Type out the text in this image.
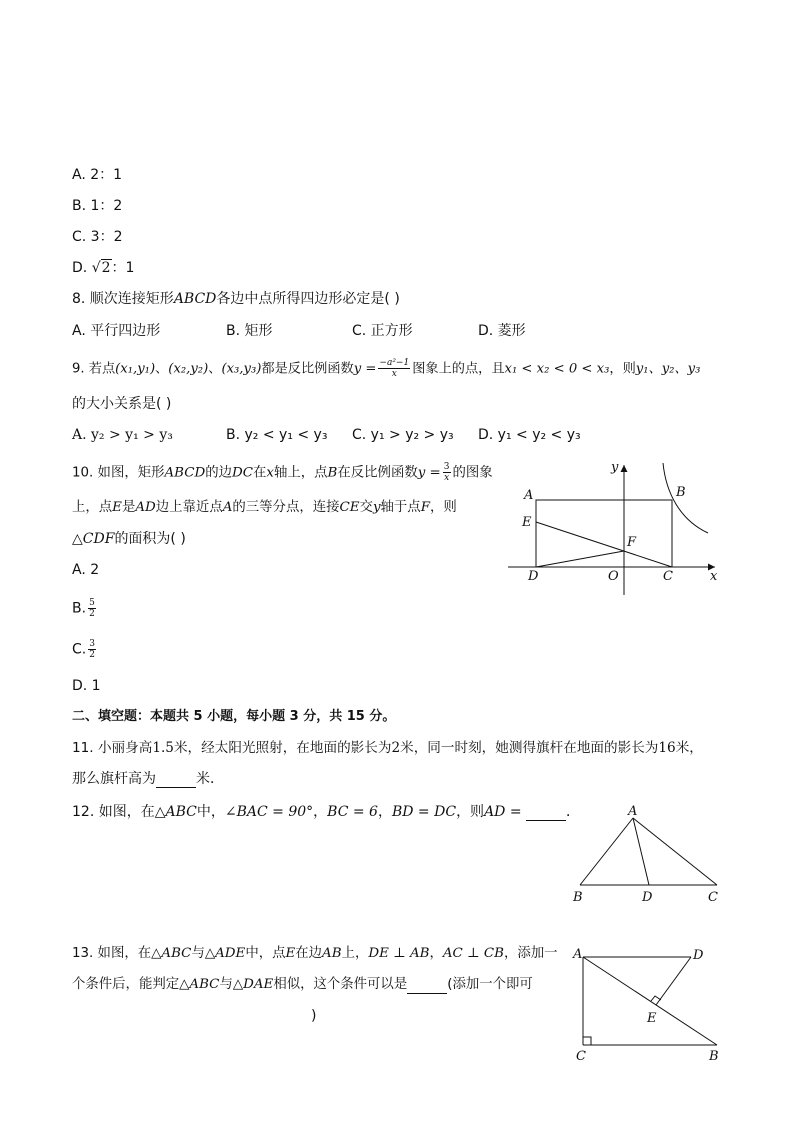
A. 2：1
B. 1：2
C. 3：2
D. √2：1
8. 顺次连接矩形ABCD各边中点所得四边形必定是( )
A. 平行四边形	B. 矩形	C. 正方形	D. 菱形
9. 若点(x₁,y₁)、(x₂,y₂)、(x₃,y₃)都是反比例函数$y = \frac{\text{−a²−1}}{x}$ 图象上的点，且x₁ < x₂ < 0 < x₃，则y₁、y₂、y₃
的大小关系是( )
A. y₂ > y₁ > y₃	B. y₂ < y₁ < y₃ C. y₁ > y₂ > y₃ D. y₁ < y₂ < y₃
10. 如图，矩形ABCD的边DC在x轴上，点B在反比例函数$y = \frac{3}{x}$ 的图象
上，点E是AD边上靠近点A的三等分点，连接CE交y轴于点F，则
△CDF的面积为( )
A. 2
B. $\frac{5}{2}$
C. $\frac{3}{2}$
D. 1
A	B
C
D
E
F
O	x
y
二、填空题：本题共 5 小题，每小题 3 分，共 15 分。
11. 小丽身高1.5米，经太阳光照射，在地面的影长为2米，同一时刻，她测得旗杆在地面的影长为16米，
那么旗杆高为	米．
12. 如图，在△ABC中，∠BAC = 90°，BC = 6，BD = DC，则AD =	．	A
B	C
D
13. 如图，在△ABC与△ADE中，点E在边AB上，DE ⊥ AB，AC ⊥ CB，添加一
个条件后，能判定△ABC与△DAE相似，这个条件可以是	(添加一个即可
)
A	D
E
C	B
